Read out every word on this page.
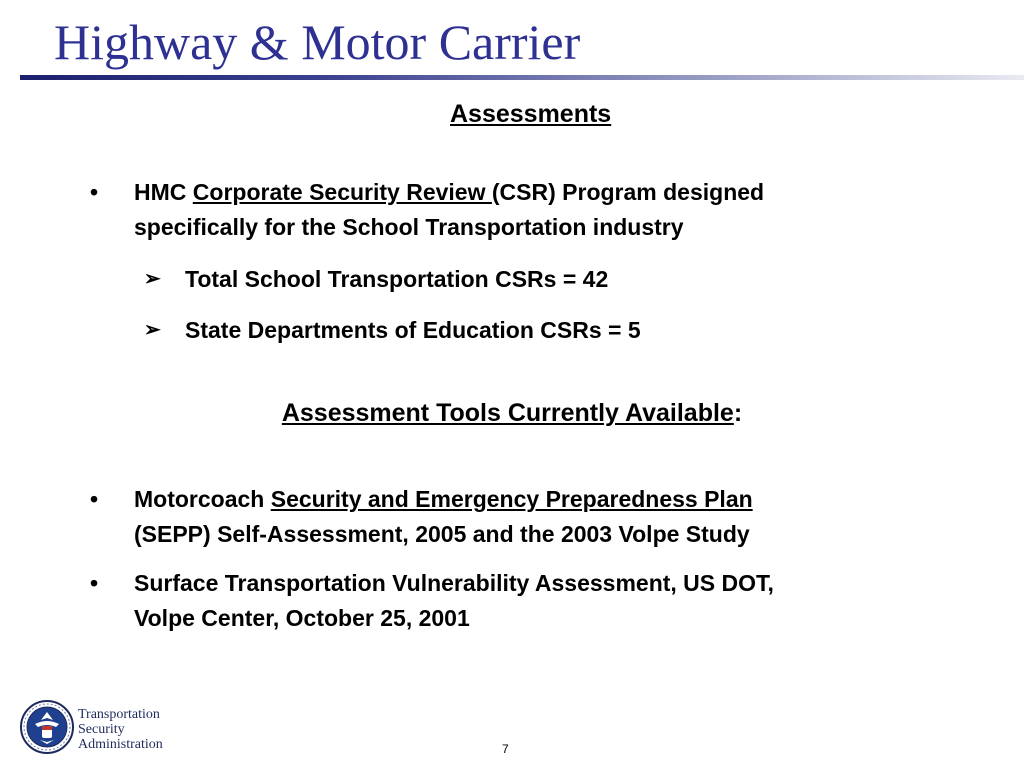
Highway & Motor Carrier
Assessments
•	HMC Corporate Security Review (CSR) Program designed
specifically for the School Transportation industry
➢	Total School Transportation CSRs = 42
➢	State Departments of Education CSRs = 5
Assessment Tools Currently Available:
•	Motorcoach Security and Emergency Preparedness Plan
(SEPP) Self-Assessment, 2005 and the 2003 Volpe Study
•	Surface Transportation Vulnerability Assessment, US DOT,
Volpe Center, October 25, 2001
Transportation
Security
Administration	7
